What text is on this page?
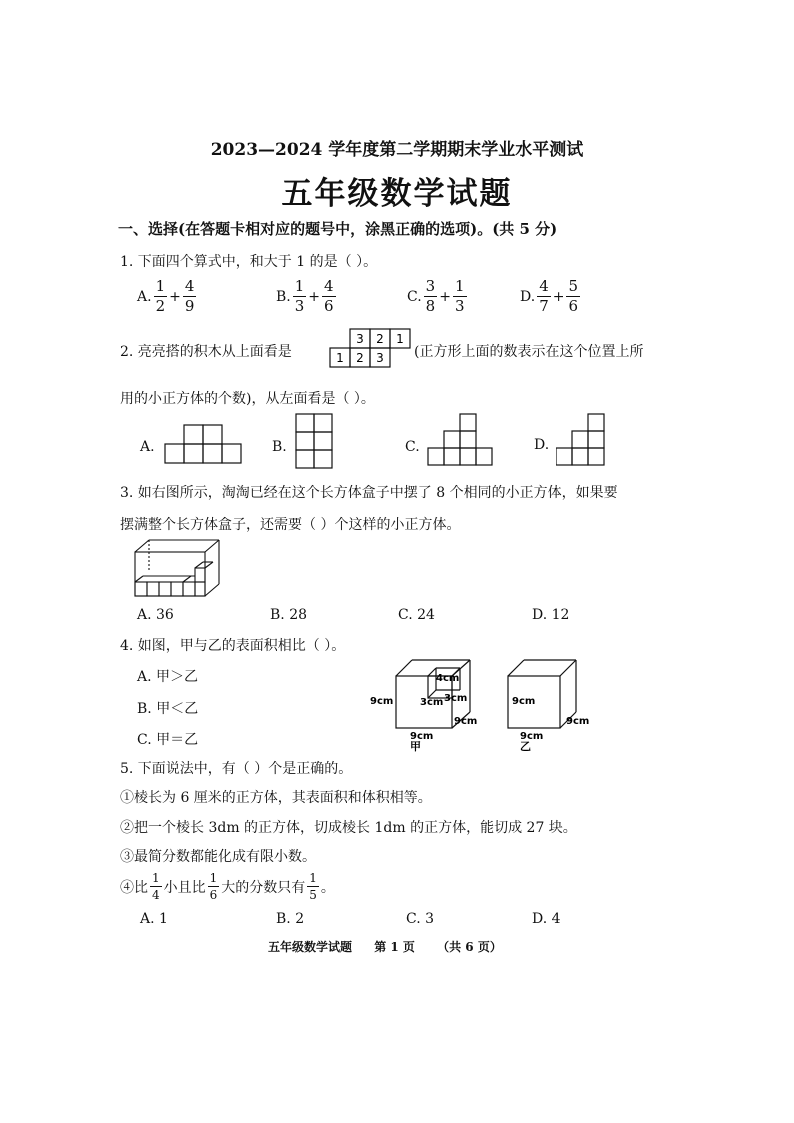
2023—2024 学年度第二学期期末学业水平测试
五年级数学试题
一、选择(在答题卡相对应的题号中，涂黑正确的选项)。(共 5 分)
1. 下面四个算式中，和大于 1 的是（ ）。
A. $\frac{1}{2} + \frac{4}{9}$	B. $\frac{1}{3} + \frac{4}{6}$	C. $\frac{3}{8} + \frac{1}{3}$	D. $\frac{4}{7} + \frac{5}{6}$
2. 亮亮搭的积木从上面看是
3 2 1
1 2 3 (正方形上面的数表示在这个位置上所
用的小正方体的个数)，从左面看是（ ）。
A.	B.	C.	D.
3. 如右图所示，淘淘已经在这个长方体盒子中摆了 8 个相同的小正方体，如果要
摆满整个长方体盒子，还需要（ ）个这样的小正方体。
A. 36	B. 28	C. 24	D. 12
4. 如图，甲与乙的表面积相比（ ）。
A. 甲＞乙
B. 甲＜乙
C. 甲＝乙
4cm
3cm 3cm
9cm
9cm
9cm
甲
9cm
9cm
9cm
乙
5. 下面说法中，有（ ）个是正确的。
①棱长为 6 厘米的正方体，其表面积和体积相等。
②把一个棱长 3dm 的正方体，切成棱长 1dm 的正方体，能切成 27 块。
③最简分数都能化成有限小数。
④比 $\frac{1}{4}$ 小且比 $\frac{1}{6}$ 大的分数只有 $\frac{1}{5}$ 。
A. 1	B. 2	C. 3	D. 4
五年级数学试题 第 1 页 （共 6 页）
